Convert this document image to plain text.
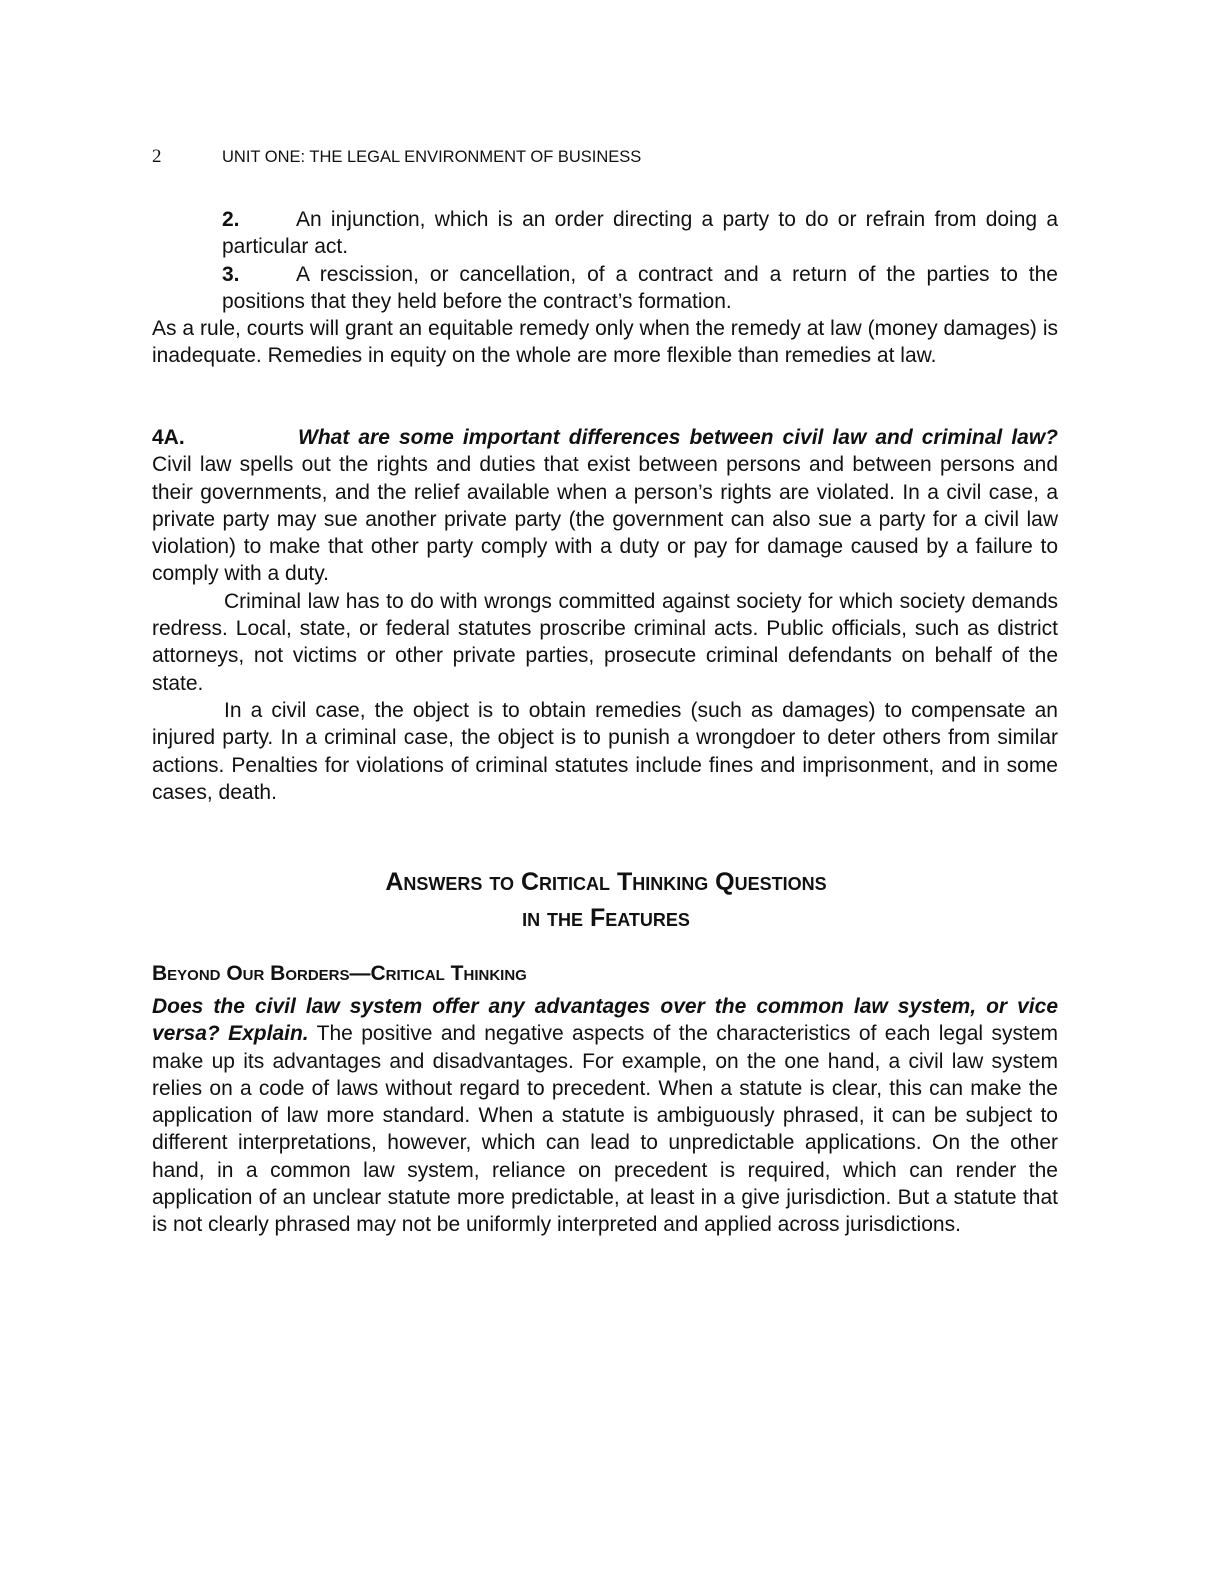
2	UNIT ONE: THE LEGAL ENVIRONMENT OF BUSINESS

2.	An injunction, which is an order directing a party to do or refrain from doing a particular act.

3.	A rescission, or cancellation, of a contract and a return of the parties to the positions that they held before the contract’s formation.

As a rule, courts will grant an equitable remedy only when the remedy at law (money damages) is inadequate. Remedies in equity on the whole are more flexible than remedies at law.

4A.	What are some important differences between civil law and criminal law? Civil law spells out the rights and duties that exist between persons and between persons and their governments, and the relief available when a person’s rights are violated. In a civil case, a private party may sue another private party (the government can also sue a party for a civil law violation) to make that other party comply with a duty or pay for damage caused by a failure to comply with a duty.

Criminal law has to do with wrongs committed against society for which society demands redress. Local, state, or federal statutes proscribe criminal acts. Public officials, such as district attorneys, not victims or other private parties, prosecute criminal defendants on behalf of the state.

In a civil case, the object is to obtain remedies (such as damages) to compensate an injured party. In a criminal case, the object is to punish a wrongdoer to deter others from similar actions. Penalties for violations of criminal statutes include fines and imprisonment, and in some cases, death.

Answers to Critical Thinking Questions
in the Features
Beyond Our Borders—Critical Thinking

Does the civil law system offer any advantages over the common law system, or vice versa? Explain. The positive and negative aspects of the characteristics of each legal system make up its advantages and disadvantages. For example, on the one hand, a civil law system relies on a code of laws without regard to precedent. When a statute is clear, this can make the application of law more standard. When a statute is ambiguously phrased, it can be subject to different interpretations, however, which can lead to unpredictable applications. On the other hand, in a common law system, reliance on precedent is required, which can render the application of an unclear statute more predictable, at least in a give jurisdiction. But a statute that is not clearly phrased may not be uniformly interpreted and applied across jurisdictions.
